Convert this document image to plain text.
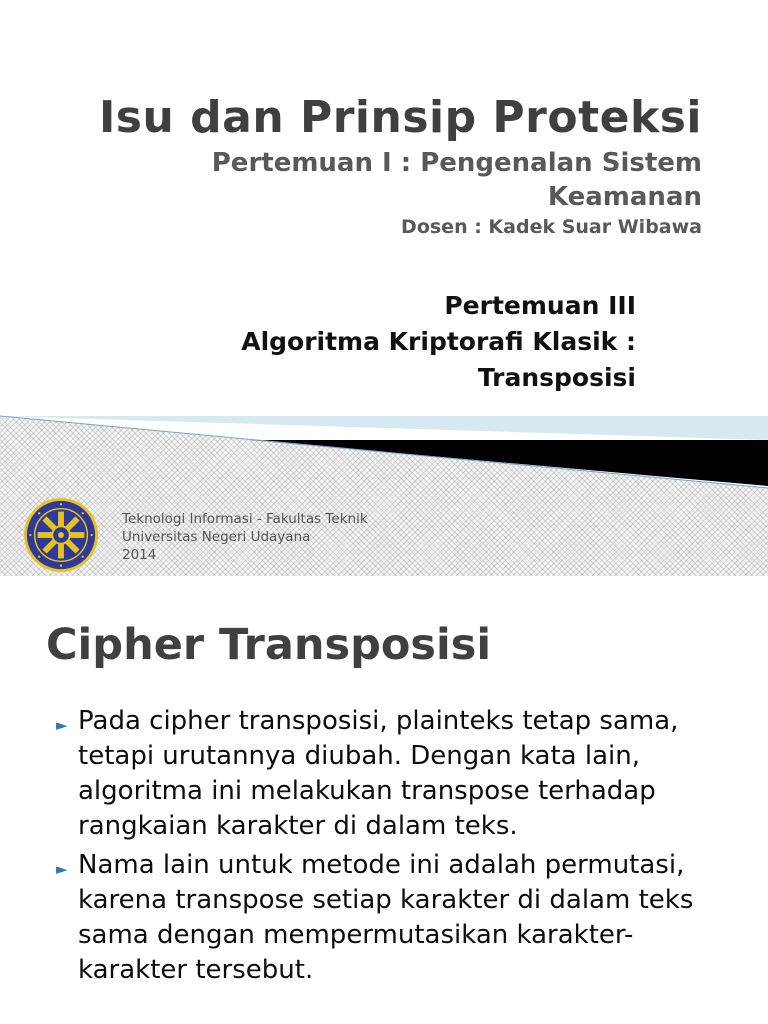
Isu dan Prinsip Proteksi
Pertemuan I : Pengenalan Sistem Keamanan
Dosen : Kadek Suar Wibawa
Pertemuan III
Algoritma Kriptorafi Klasik : Transposisi
Teknologi Informasi - Fakultas Teknik
Universitas Negeri Udayana
2014
Cipher Transposisi
► Pada cipher transposisi, plainteks tetap sama, tetapi urutannya diubah. Dengan kata lain, algoritma ini melakukan transpose terhadap rangkaian karakter di dalam teks.
► Nama lain untuk metode ini adalah permutasi, karena transpose setiap karakter di dalam teks sama dengan mempermutasikan karakter-karakter tersebut.
